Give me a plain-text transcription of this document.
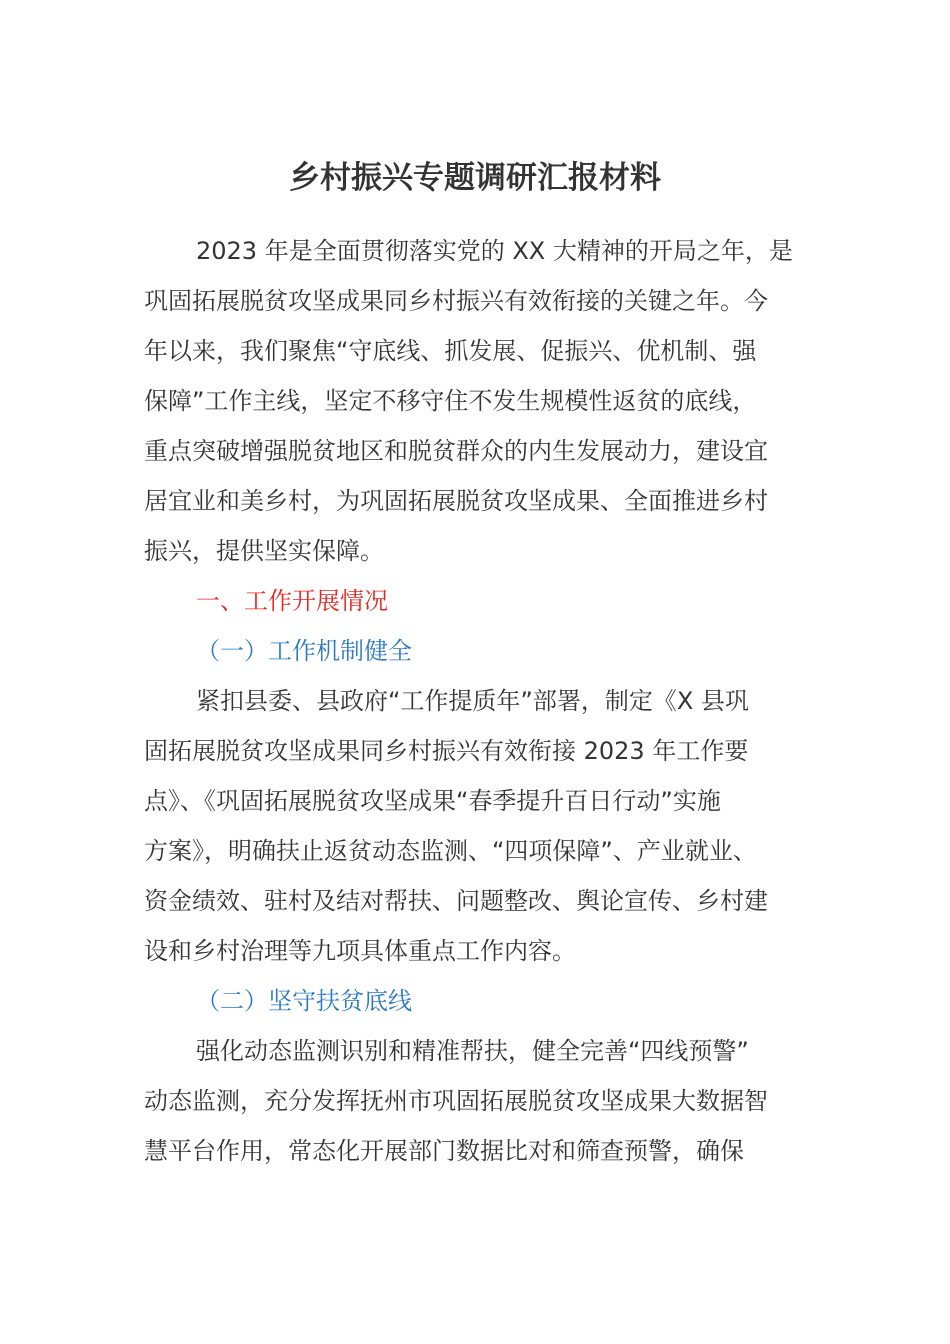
乡村振兴专题调研汇报材料
2023 年是全面贯彻落实党的 XX 大精神的开局之年，是
巩固拓展脱贫攻坚成果同乡村振兴有效衔接的关键之年。今
年以来，我们聚焦“守底线、抓发展、促振兴、优机制、强
保障”工作主线，坚定不移守住不发生规模性返贫的底线，
重点突破增强脱贫地区和脱贫群众的内生发展动力，建设宜
居宜业和美乡村，为巩固拓展脱贫攻坚成果、全面推进乡村
振兴，提供坚实保障。
一、工作开展情况
（一）工作机制健全
紧扣县委、县政府“工作提质年”部署，制定《X 县巩
固拓展脱贫攻坚成果同乡村振兴有效衔接 2023 年工作要
点》、《巩固拓展脱贫攻坚成果“春季提升百日行动”实施
方案》，明确扶止返贫动态监测、“四项保障”、产业就业、
资金绩效、驻村及结对帮扶、问题整改、舆论宣传、乡村建
设和乡村治理等九项具体重点工作内容。
（二）坚守扶贫底线
强化动态监测识别和精准帮扶，健全完善“四线预警”
动态监测，充分发挥抚州市巩固拓展脱贫攻坚成果大数据智
慧平台作用，常态化开展部门数据比对和筛查预警，确保
